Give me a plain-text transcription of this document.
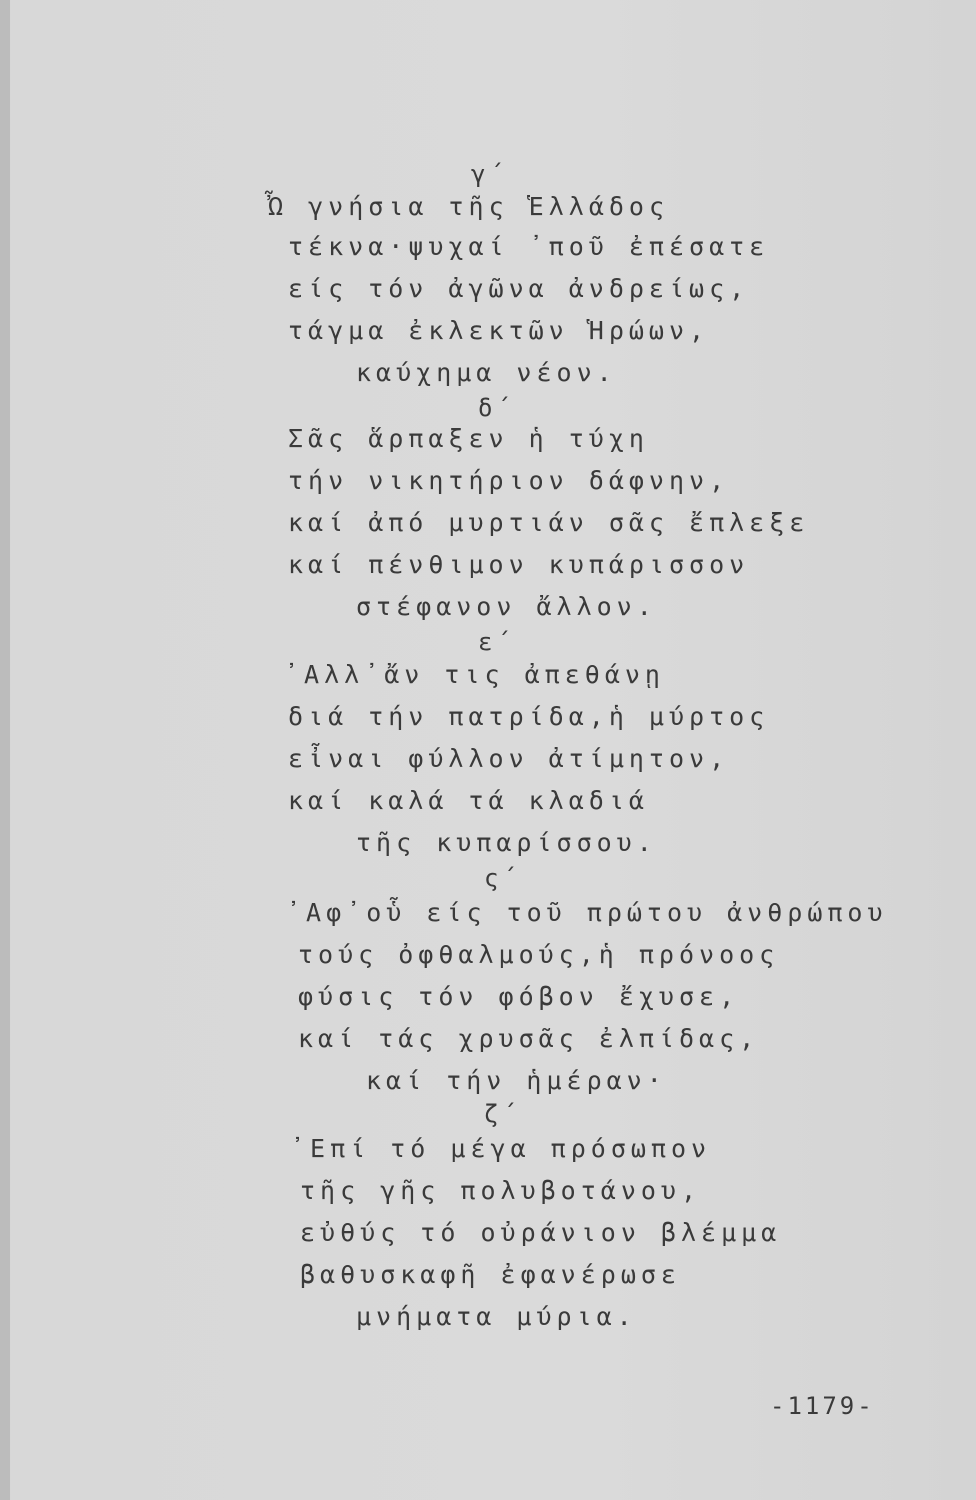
γ΄
Ὦ γνήσια τῆς Ἑλλάδος
τέκνα·ψυχαί ᾽ποῦ ἐπέσατε
είς τόν ἀγῶνα ἀνδρείως,
τάγμα ἐκλεκτῶν Ἡρώων,
καύχημα νέον.
δ΄
Σᾶς ἅρπαξεν ἡ τύχη
τήν νικητήριον δάφνην,
καί ἀπό μυρτιάν σᾶς ἔπλεξε
καί πένθιμον κυπάρισσον
στέφανον ἄλλον.
ε΄
᾽Αλλ᾽ἄν τις ἀπεθάνῃ
διά τήν πατρίδα,ἡ μύρτος
εἶναι φύλλον ἀτίμητον,
καί καλά τά κλαδιά
τῆς κυπαρίσσου.
ς΄
᾽Αφ᾽οὗ είς τοῦ πρώτου ἀνθρώπου
τούς ὀφθαλμούς,ἡ πρόνοος
φύσις τόν φόβον ἔχυσε,
καί τάς χρυσᾶς ἐλπίδας,
καί τήν ἡμέραν·
ζ΄
᾽Επί τό μέγα πρόσωπον
τῆς γῆς πολυβοτάνου,
εὐθύς τό οὐράνιον βλέμμα
βαθυσκαφῆ ἐφανέρωσε
μνήματα μύρια.
-1179-
